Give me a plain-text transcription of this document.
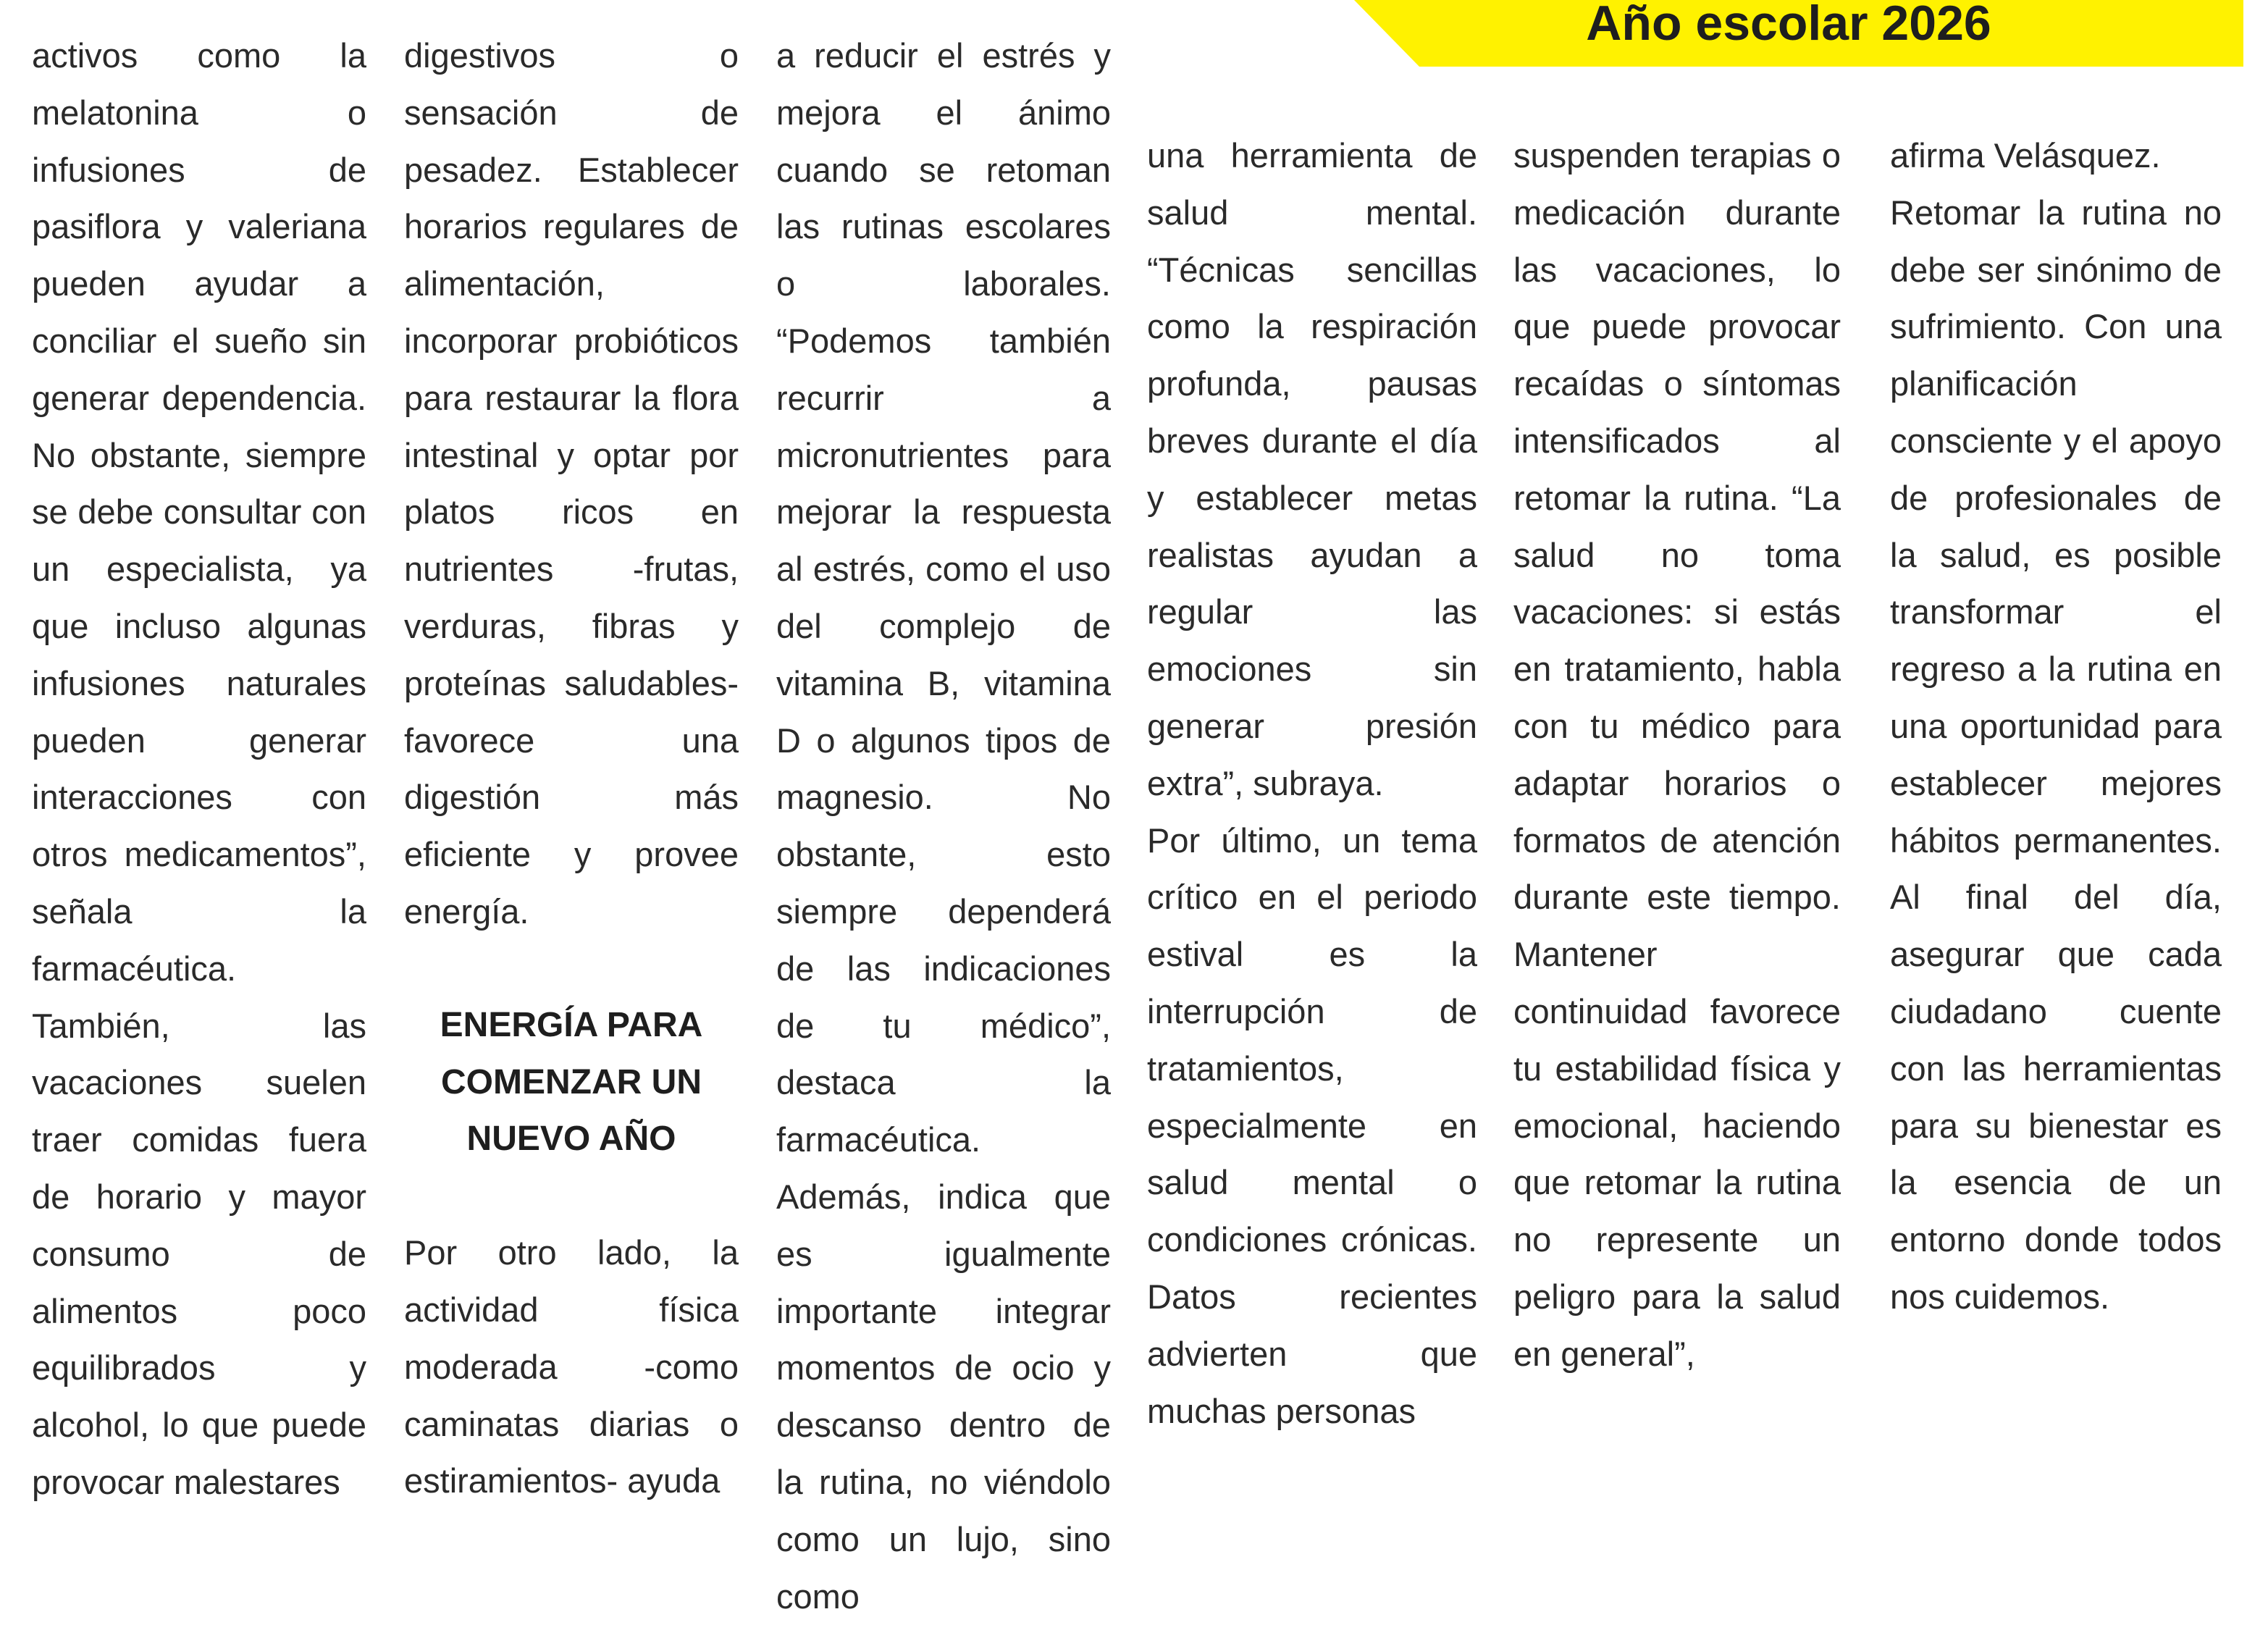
Año escolar 2026

activos como la melatonina o infusiones de pasiflora y valeriana pueden ayudar a conciliar el sueño sin generar dependencia. No obstante, siempre se debe consultar con un especialista, ya que incluso algunas infusiones naturales pueden generar interacciones con otros medicamentos”, señala la farmacéutica.

También, las vacaciones suelen traer comidas fuera de horario y mayor consumo de alimentos poco equilibrados y alcohol, lo que puede provocar malestares

digestivos o sensación de pesadez. Establecer horarios regulares de alimentación, incorporar probióticos para restaurar la flora intestinal y optar por platos ricos en nutrientes -frutas, verduras, fibras y proteínas saludables- favorece una digestión más eficiente y provee energía.

ENERGÍA PARA
COMENZAR UN
NUEVO AÑO

Por otro lado, la actividad física moderada -como caminatas diarias o estiramientos- ayuda

a reducir el estrés y mejora el ánimo cuando se retoman las rutinas escolares o laborales. “Podemos también recurrir a micronutrientes para mejorar la respuesta al estrés, como el uso del complejo de vitamina B, vitamina D o algunos tipos de magnesio. No obstante, esto siempre dependerá de las indicaciones de tu médico”, destaca la farmacéutica.

Además, indica que es igualmente importante integrar momentos de ocio y descanso dentro de la rutina, no viéndolo como un lujo, sino como

una herramienta de salud mental. “Técnicas sencillas como la respiración profunda, pausas breves durante el día y establecer metas realistas ayudan a regular las emociones sin generar presión extra”, subraya.

Por último, un tema crítico en el periodo estival es la interrupción de tratamientos, especialmente en salud mental o condiciones crónicas. Datos recientes advierten que muchas personas

suspenden terapias o medicación durante las vacaciones, lo que puede provocar recaídas o síntomas intensificados al retomar la rutina. “La salud no toma vacaciones: si estás en tratamiento, habla con tu médico para adaptar horarios o formatos de atención durante este tiempo. Mantener continuidad favorece tu estabilidad física y emocional, haciendo que retomar la rutina no represente un peligro para la salud en general”,

afirma Velásquez.

Retomar la rutina no debe ser sinónimo de sufrimiento. Con una planificación consciente y el apoyo de profesionales de la salud, es posible transformar el regreso a la rutina en una oportunidad para establecer mejores hábitos permanentes. Al final del día, asegurar que cada ciudadano cuente con las herramientas para su bienestar es la esencia de un entorno donde todos nos cuidemos.
